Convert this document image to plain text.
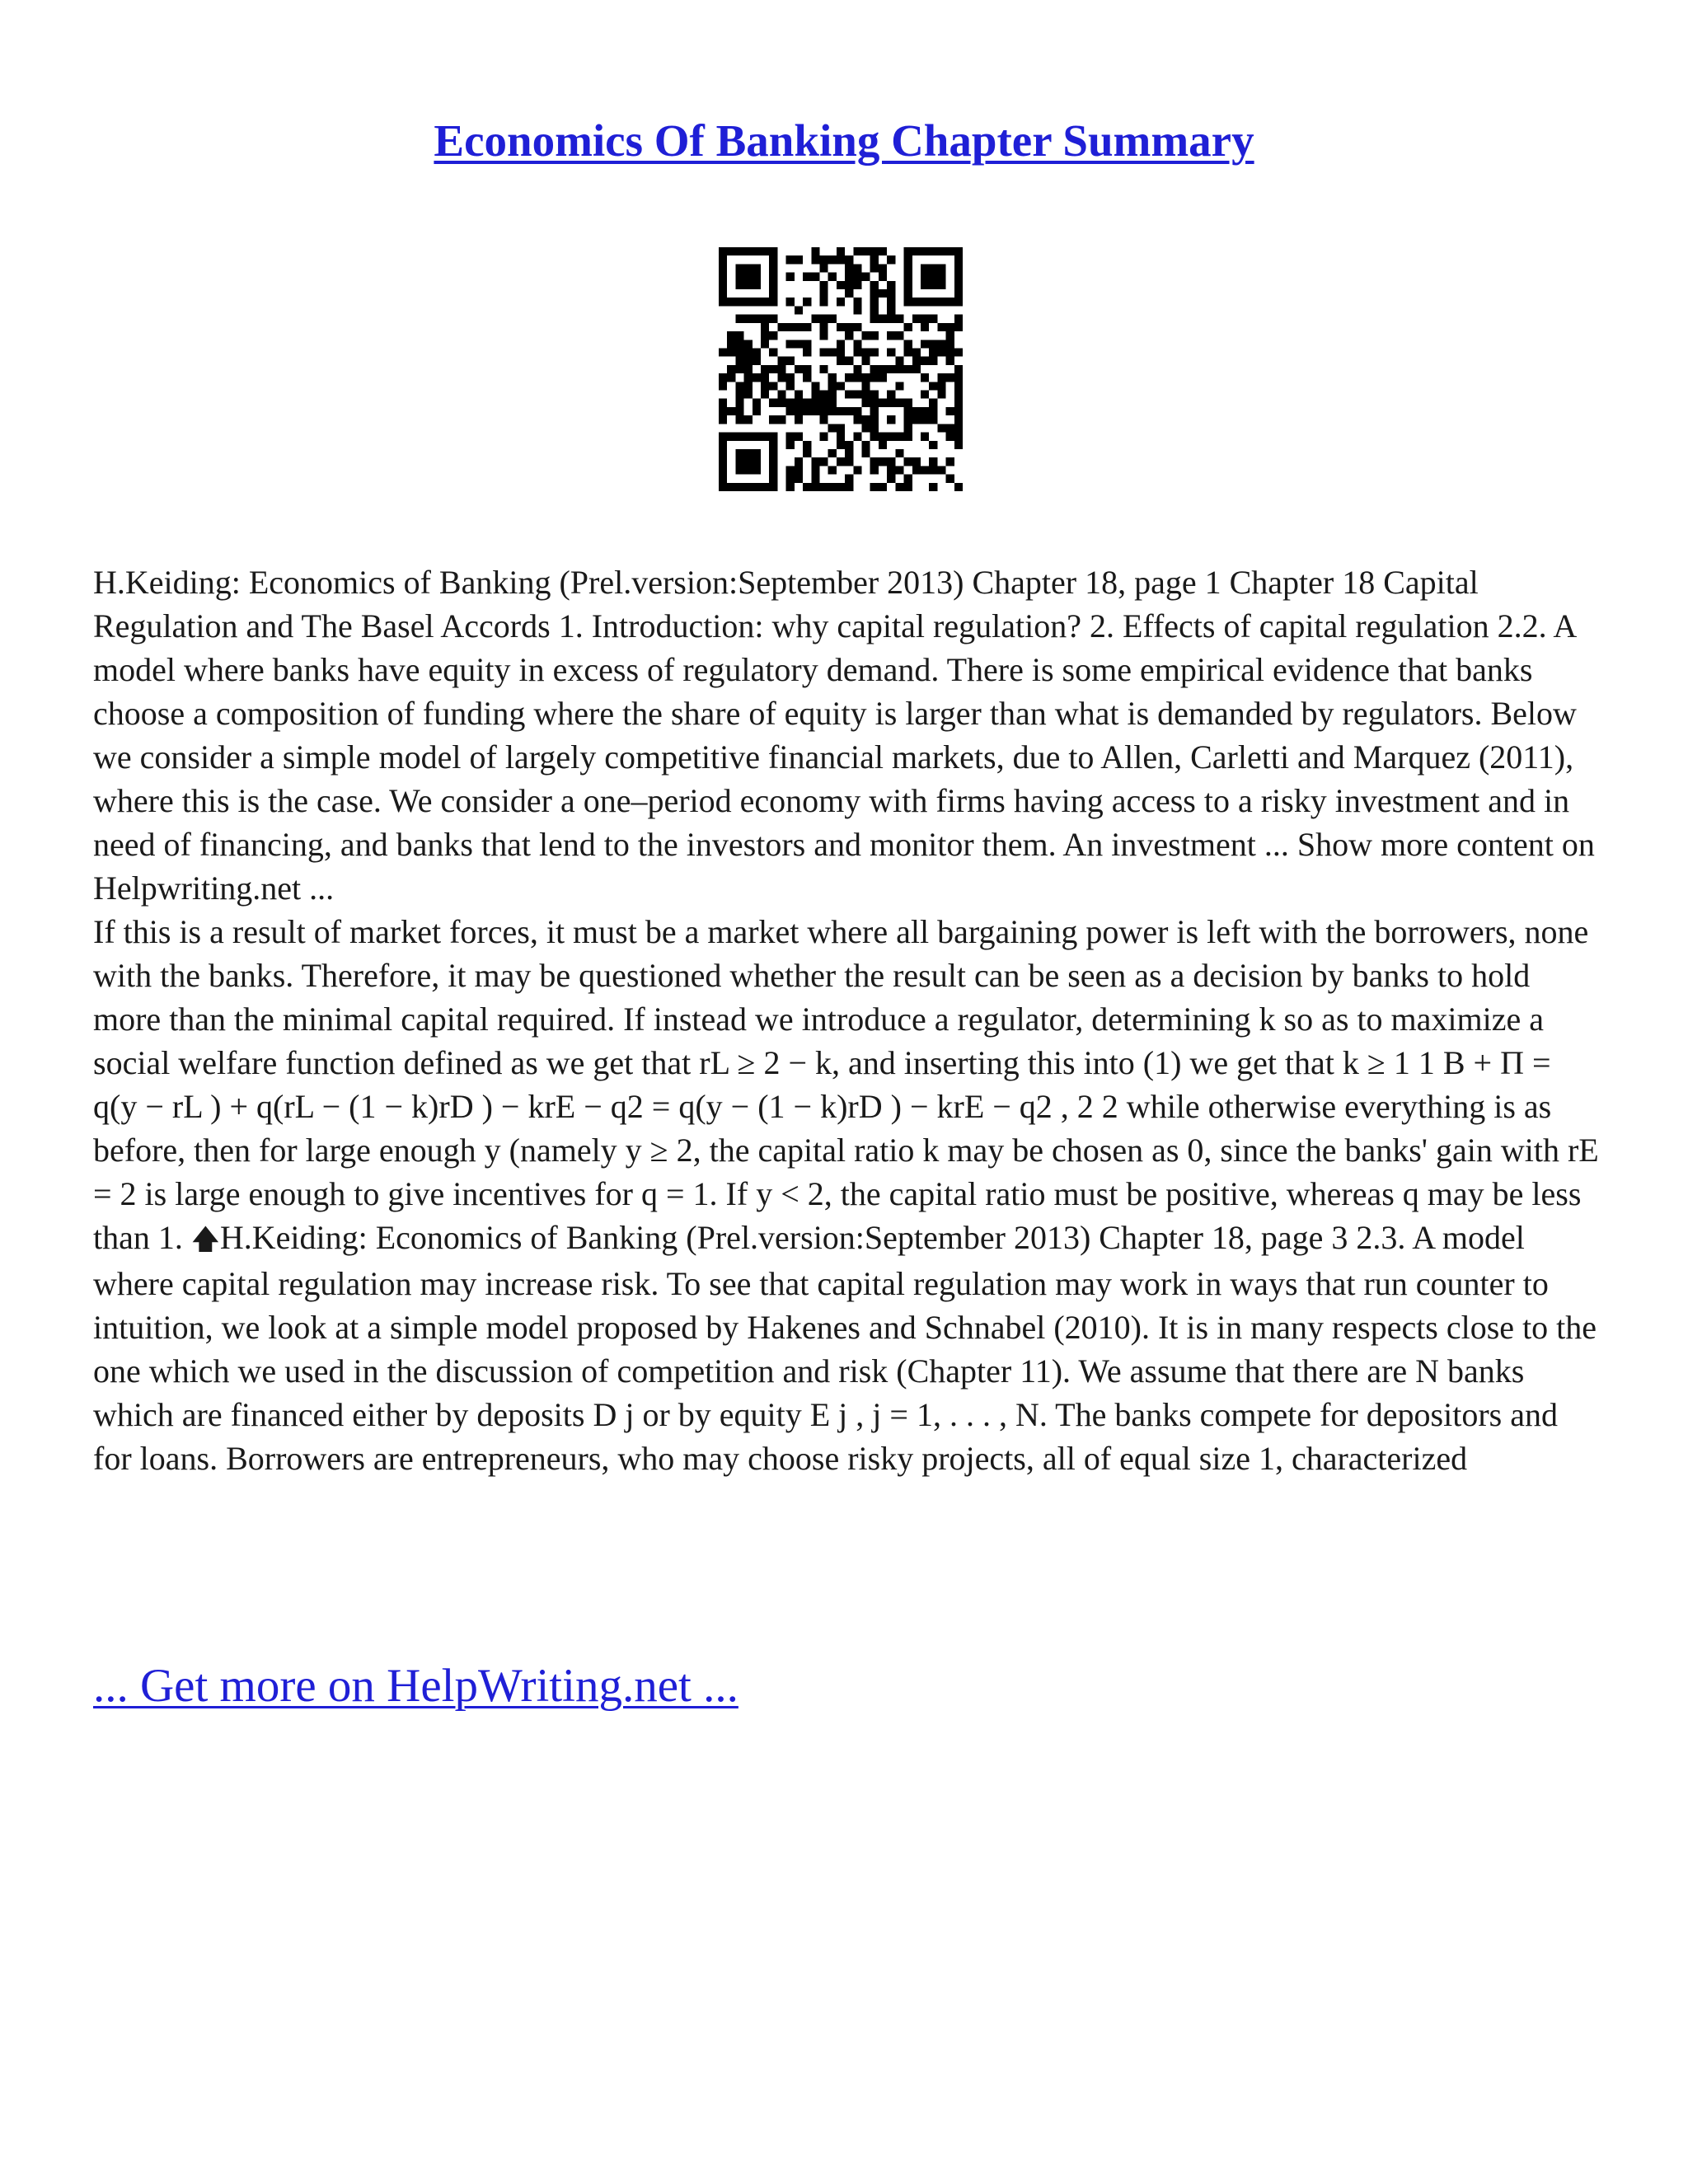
Economics Of Banking Chapter Summary

H.Keiding: Economics of Banking (Prel.version:September 2013) Chapter 18, page 1 Chapter 18 Capital Regulation and The Basel Accords 1. Introduction: why capital regulation? 2. Effects of capital regulation 2.2. A model where banks have equity in excess of regulatory demand. There is some empirical evidence that banks choose a composition of funding where the share of equity is larger than what is demanded by regulators. Below we consider a simple model of largely competitive financial markets, due to Allen, Carletti and Marquez (2011), where this is the case. We consider a one–period economy with firms having access to a risky investment and in need of financing, and banks that lend to the investors and monitor them. An investment ... Show more content on Helpwriting.net ...

If this is a result of market forces, it must be a market where all bargaining power is left with the borrowers, none with the banks. Therefore, it may be questioned whether the result can be seen as a decision by banks to hold more than the minimal capital required. If instead we introduce a regulator, determining k so as to maximize a social welfare function defined as we get that rL ≥ 2 − k, and inserting this into (1) we get that k ≥ 1 1 B + Π = q(y − rL ) + q(rL − (1 − k)rD ) − krE − q2 = q(y − (1 − k)rD ) − krE − q2 , 2 2 while otherwise everything is as before, then for large enough y (namely y ≥ 2, the capital ratio k may be chosen as 0, since the banks' gain with rE = 2 is large enough to give incentives for q = 1. If y < 2, the capital ratio must be positive, whereas q may be less than 1. 🡅H.Keiding: Economics of Banking (Prel.version:September 2013) Chapter 18, page 3 2.3. A model where capital regulation may increase risk. To see that capital regulation may work in ways that run counter to intuition, we look at a simple model proposed by Hakenes and Schnabel (2010). It is in many respects close to the one which we used in the discussion of competition and risk (Chapter 11). We assume that there are N banks which are financed either by deposits D j or by equity E j , j = 1, . . . , N. The banks compete for depositors and for loans. Borrowers are entrepreneurs, who may choose risky projects, all of equal size 1, characterized

... Get more on HelpWriting.net ...
